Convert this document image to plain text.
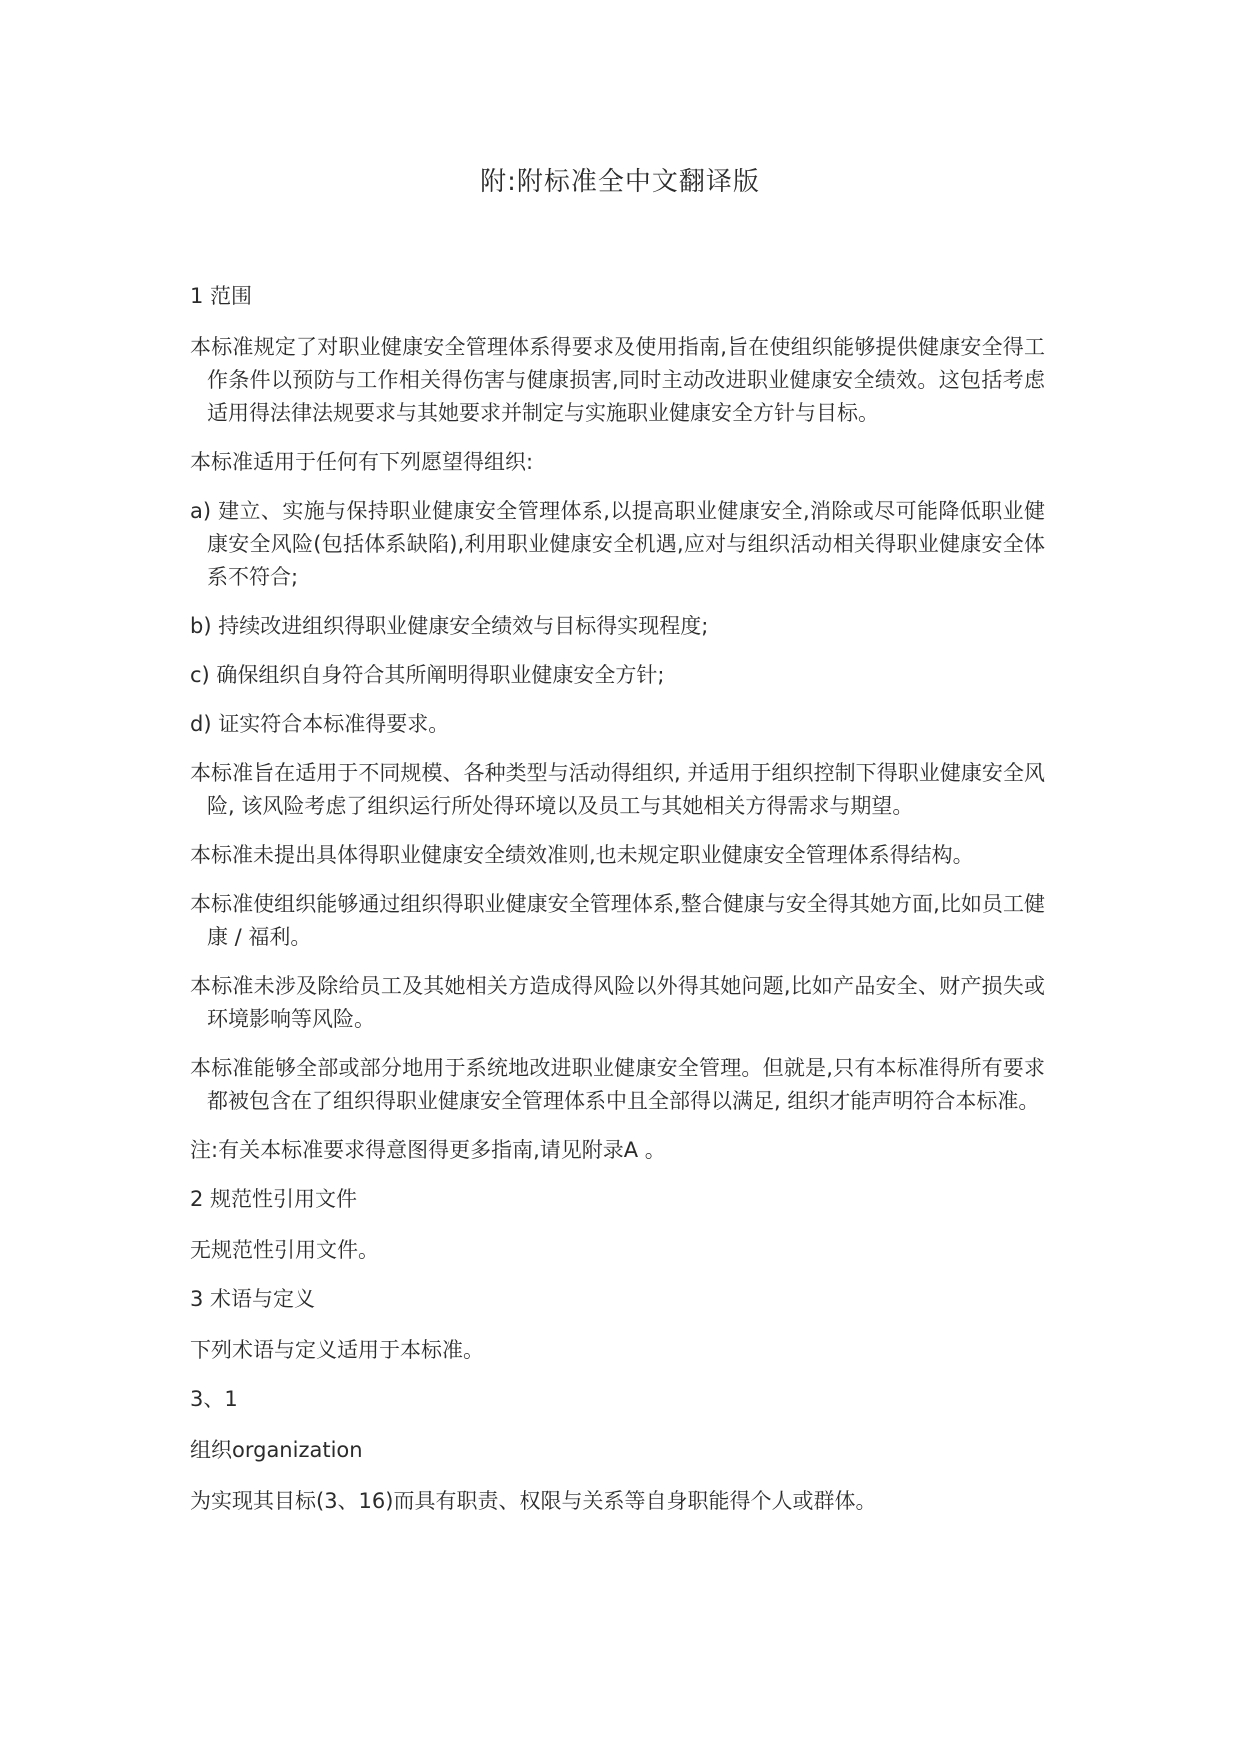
附:附标准全中文翻译版

1 范围

本标准规定了对职业健康安全管理体系得要求及使用指南,旨在使组织能够提供健康安全得工作条件以预防与工作相关得伤害与健康损害,同时主动改进职业健康安全绩效。这包括考虑适用得法律法规要求与其她要求并制定与实施职业健康安全方针与目标。

本标准适用于任何有下列愿望得组织:

a) 建立、实施与保持职业健康安全管理体系,以提高职业健康安全,消除或尽可能降低职业健康安全风险(包括体系缺陷),利用职业健康安全机遇,应对与组织活动相关得职业健康安全体系不符合;

b) 持续改进组织得职业健康安全绩效与目标得实现程度;

c) 确保组织自身符合其所阐明得职业健康安全方针;

d) 证实符合本标准得要求。

本标准旨在适用于不同规模、各种类型与活动得组织, 并适用于组织控制下得职业健康安全风险, 该风险考虑了组织运行所处得环境以及员工与其她相关方得需求与期望。

本标准未提出具体得职业健康安全绩效准则,也未规定职业健康安全管理体系得结构。

本标准使组织能够通过组织得职业健康安全管理体系,整合健康与安全得其她方面,比如员工健康 / 福利。

本标准未涉及除给员工及其她相关方造成得风险以外得其她问题,比如产品安全、财产损失或环境影响等风险。

本标准能够全部或部分地用于系统地改进职业健康安全管理。但就是,只有本标准得所有要求都被包含在了组织得职业健康安全管理体系中且全部得以满足, 组织才能声明符合本标准。

注:有关本标准要求得意图得更多指南,请见附录A 。

2 规范性引用文件

无规范性引用文件。

3 术语与定义

下列术语与定义适用于本标准。

3、1

组织organization

为实现其目标(3、16)而具有职责、权限与关系等自身职能得个人或群体。
